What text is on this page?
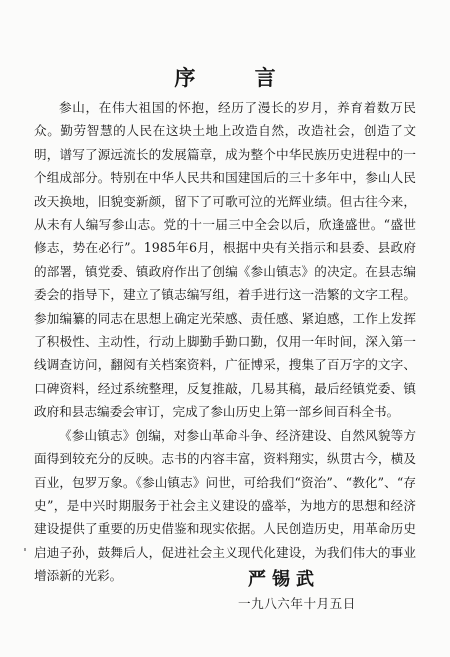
序 言

参山，在伟大祖国的怀抱，经历了漫长的岁月，养育着数万民众。勤劳智慧的人民在这块土地上改造自然，改造社会，创造了文明，谱写了源远流长的发展篇章，成为整个中华民族历史进程中的一个组成部分。特别在中华人民共和国建国后的三十多年中，参山人民改天换地，旧貌变新颜，留下了可歌可泣的光辉业绩。但古往今来，从未有人编写参山志。党的十一届三中全会以后，欣逢盛世。“盛世修志，势在必行”。1985年6月，根据中央有关指示和县委、县政府的部署，镇党委、镇政府作出了创编《参山镇志》的决定。在县志编委会的指导下，建立了镇志编写组，着手进行这一浩繁的文字工程。参加编纂的同志在思想上确定光荣感、责任感、紧迫感，工作上发挥了积极性、主动性，行动上脚勤手勤口勤，仅用一年时间，深入第一线调查访问，翻阅有关档案资料，广征博采，搜集了百万字的文字、口碑资料，经过系统整理，反复推敲，几易其稿，最后经镇党委、镇政府和县志编委会审订，完成了参山历史上第一部乡间百科全书。

《参山镇志》创编，对参山革命斗争、经济建设、自然风貌等方面得到较充分的反映。志书的内容丰富，资料翔实，纵贯古今，横及百业，包罗万象。《参山镇志》问世，可给我们“资治”、“教化”、“存史”，是中兴时期服务于社会主义建设的盛举，为地方的思想和经济建设提供了重要的历史借鉴和现实依据。人民创造历史，用革命历史启迪子孙，鼓舞后人，促进社会主义现代化建设，为我们伟大的事业增添新的光彩。	严锡武
一九八六年十月五日
